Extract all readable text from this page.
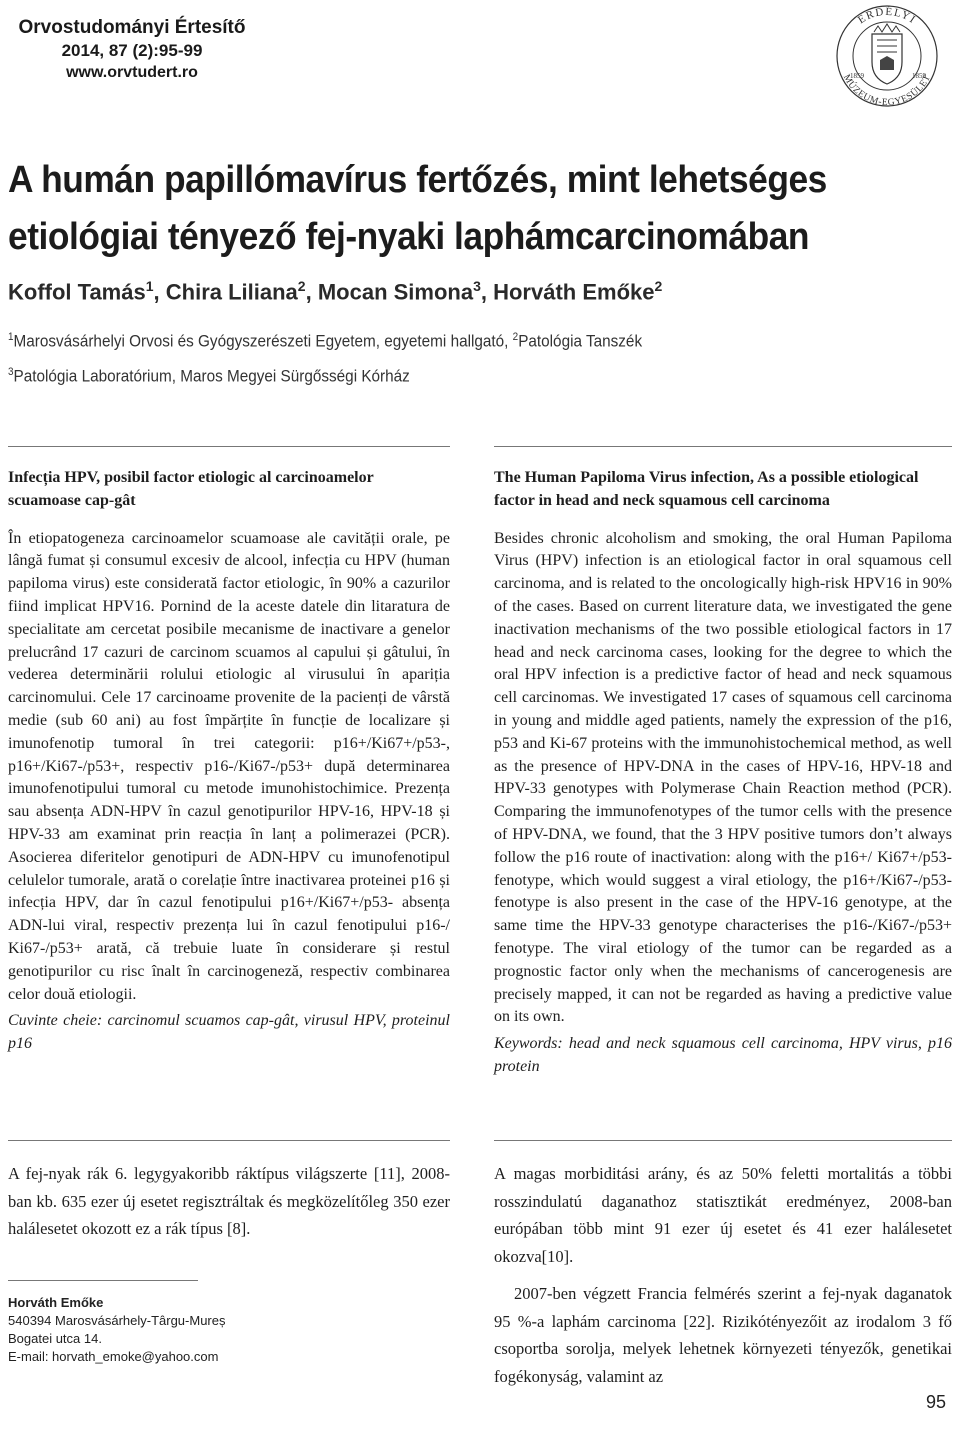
Orvostudományi Értesítő
2014, 87 (2):95-99
www.orvtudert.ro
ERDÉLYI
MÚZEUM-EGYESÜLET
1859	1859
A humán papillómavírus fertőzés, mint lehetséges
etiológiai tényező fej-nyaki laphámcarcinomában
Koffol Tamás$^1$, Chira Liliana$^2$, Mocan Simona$^3$, Horváth Emőke$^2$
$^1$Marosvásárhelyi Orvosi és Gyógyszerészeti Egyetem, egyetemi hallgató, $^2$Patológia Tanszék
$^3$Patológia Laboratórium, Maros Megyei Sürgősségi Kórház
Infecția HPV, posibil factor etiologic al carcinoamelor scuamoase cap-gât

În etiopatogeneza carcinoamelor scuamoase ale cavității orale, pe lângă fumat și consumul excesiv de alcool, infecția cu HPV (human papiloma virus) este considerată factor etiologic, în 90% a cazurilor fiind implicat HPV16. Pornind de la aceste datele din litaratura de specialitate am cercetat posibile mecanisme de inactivare a genelor prelucrând 17 cazuri de carcinom scuamos al capului și gâtului, în vederea determinării rolului etiologic al virusului în apariția carcinomului. Cele 17 carcinoame provenite de la pacienți de vârstă medie (sub 60 ani) au fost împărțite în funcție de localizare și imunofenotip tumoral în trei categorii: p16+/Ki67+/p53-, p16+/Ki67-/p53+, respectiv p16-/Ki67-/p53+ după determinarea imunofenotipului tumoral cu metode imunohistochimice. Prezența sau absența ADN-HPV în cazul genotipurilor HPV-16, HPV-18 și HPV-33 am examinat prin reacția în lanț a polimerazei (PCR). Asocierea diferitelor genotipuri de ADN-HPV cu imunofenotipul celulelor tumorale, arată o corelație între inactivarea proteinei p16 și infecția HPV, dar în cazul fenotipului p16+/Ki67+/p53- absența ADN-lui viral, respectiv prezența lui în cazul fenotipului p16-/ Ki67-/p53+ arată, că trebuie luate în considerare și restul genotipurilor cu risc înalt în carcinogeneză, respectiv combinarea celor două etiologii.

Cuvinte cheie: carcinomul scuamos cap-gât, virusul HPV, proteinul p16

The Human Papiloma Virus infection, As a possible etiological factor in head and neck squamous cell carcinoma

Besides chronic alcoholism and smoking, the oral Human Papiloma Virus (HPV) infection is an etiological factor in oral squamous cell carcinoma, and is related to the oncologically high-risk HPV16 in 90% of the cases. Based on current literature data, we investigated the gene inactivation mechanisms of the two possible etiological factors in 17 head and neck carcinoma cases, looking for the degree to which the oral HPV infection is a predictive factor of head and neck squamous cell carcinomas. We investigated 17 cases of squamous cell carcinoma in young and middle aged patients, namely the expression of the p16, p53 and Ki-67 proteins with the immunohistochemical method, as well as the presence of HPV-DNA in the cases of HPV-16, HPV-18 and HPV-33 genotypes with Polymerase Chain Reaction method (PCR). Comparing the immunofenotypes of the tumor cells with the presence of HPV-DNA, we found, that the 3 HPV positive tumors don’t always follow the p16 route of inactivation: along with the p16+/ Ki67+/p53- fenotype, which would suggest a viral etiology, the p16+/Ki67-/p53- fenotype is also present in the case of the HPV-16 genotype, at the same time the HPV-33 genotype characterises the p16-/Ki67-/p53+ fenotype. The viral etiology of the tumor can be regarded as a prognostic factor only when the mechanisms of cancerogenesis are precisely mapped, it can not be regarded as having a predictive value on its own.

Keywords: head and neck squamous cell carcinoma, HPV virus, p16 protein

A fej-nyak rák 6. legygyakoribb ráktípus világszerte [11], 2008-ban kb. 635 ezer új esetet regisztráltak és megközelítőleg 350 ezer halálesetet okozott ez a rák típus [8].

Horváth Emőke
540394 Marosvásárhely-Târgu-Mureș
Bogatei utca 14.
E-mail: horvath_emoke@yahoo.com

A magas morbiditási arány, és az 50% feletti mortalitás a többi rosszindulatú daganathoz statisztikát eredményez, 2008-ban európában több mint 91 ezer új esetet és 41 ezer halálesetet okozva[10].

2007-ben végzett Francia felmérés szerint a fej-nyak daganatok 95 %-a laphám carcinoma [22]. Rizikótényezőit az irodalom 3 fő csoportba sorolja, melyek lehetnek környezeti tényezők, genetikai fogékonyság, valamint az

95
